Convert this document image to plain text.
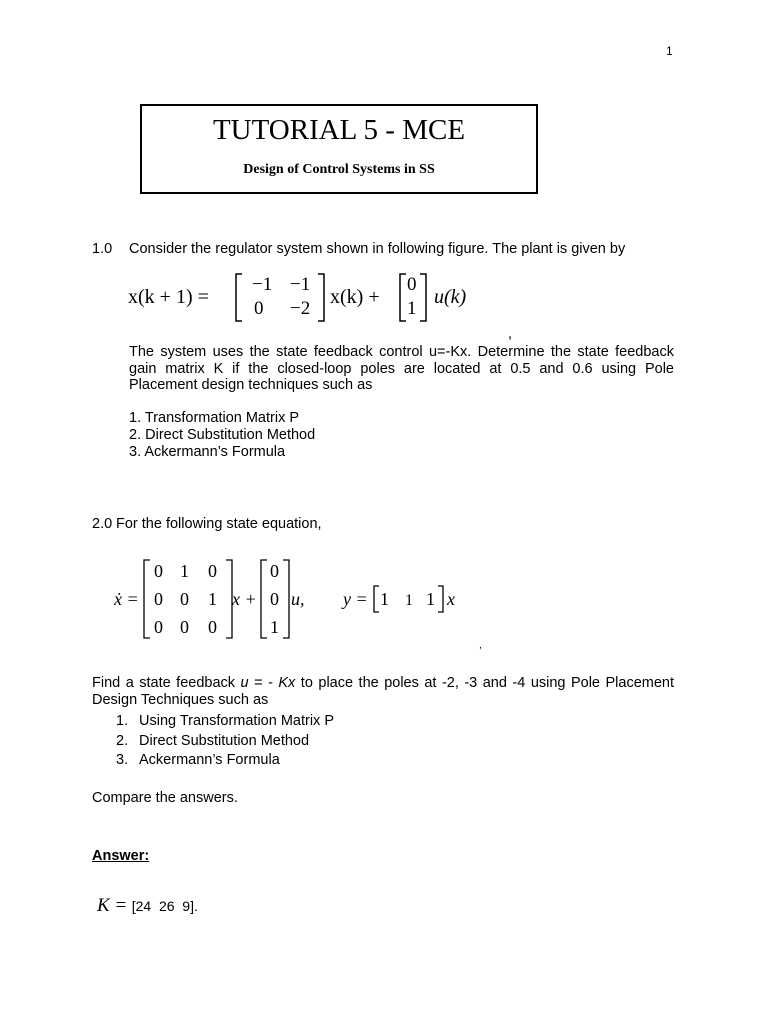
1
TUTORIAL 5 - MCE
Design of Control Systems in SS
1.0 Consider the regulator system shown in following figure. The plant is given by
x(k + 1) =
−1 −1
0 −2
x(k) +
0
1
u(k)
,
The system uses the state feedback control u=-Kx. Determine the state feedback gain matrix K if the closed-loop poles are located at 0.5 and 0.6 using Pole Placement design techniques such as
1. Transformation Matrix P
2. Direct Substitution Method
3. Ackermann’s Formula
2.0 For the following state equation,
ẋ =
0 1 0
0 0 1
0 0 0
x +
0
0
1
u, y = 1 1 1 x
,
Find a state feedback u = - Kx to place the poles at -2, -3 and -4 using Pole Placement Design Techniques such as
1. Using Transformation Matrix P
2. Direct Substitution Method
3. Ackermann’s Formula
Compare the answers.
Answer:
K = [24  26  9].
